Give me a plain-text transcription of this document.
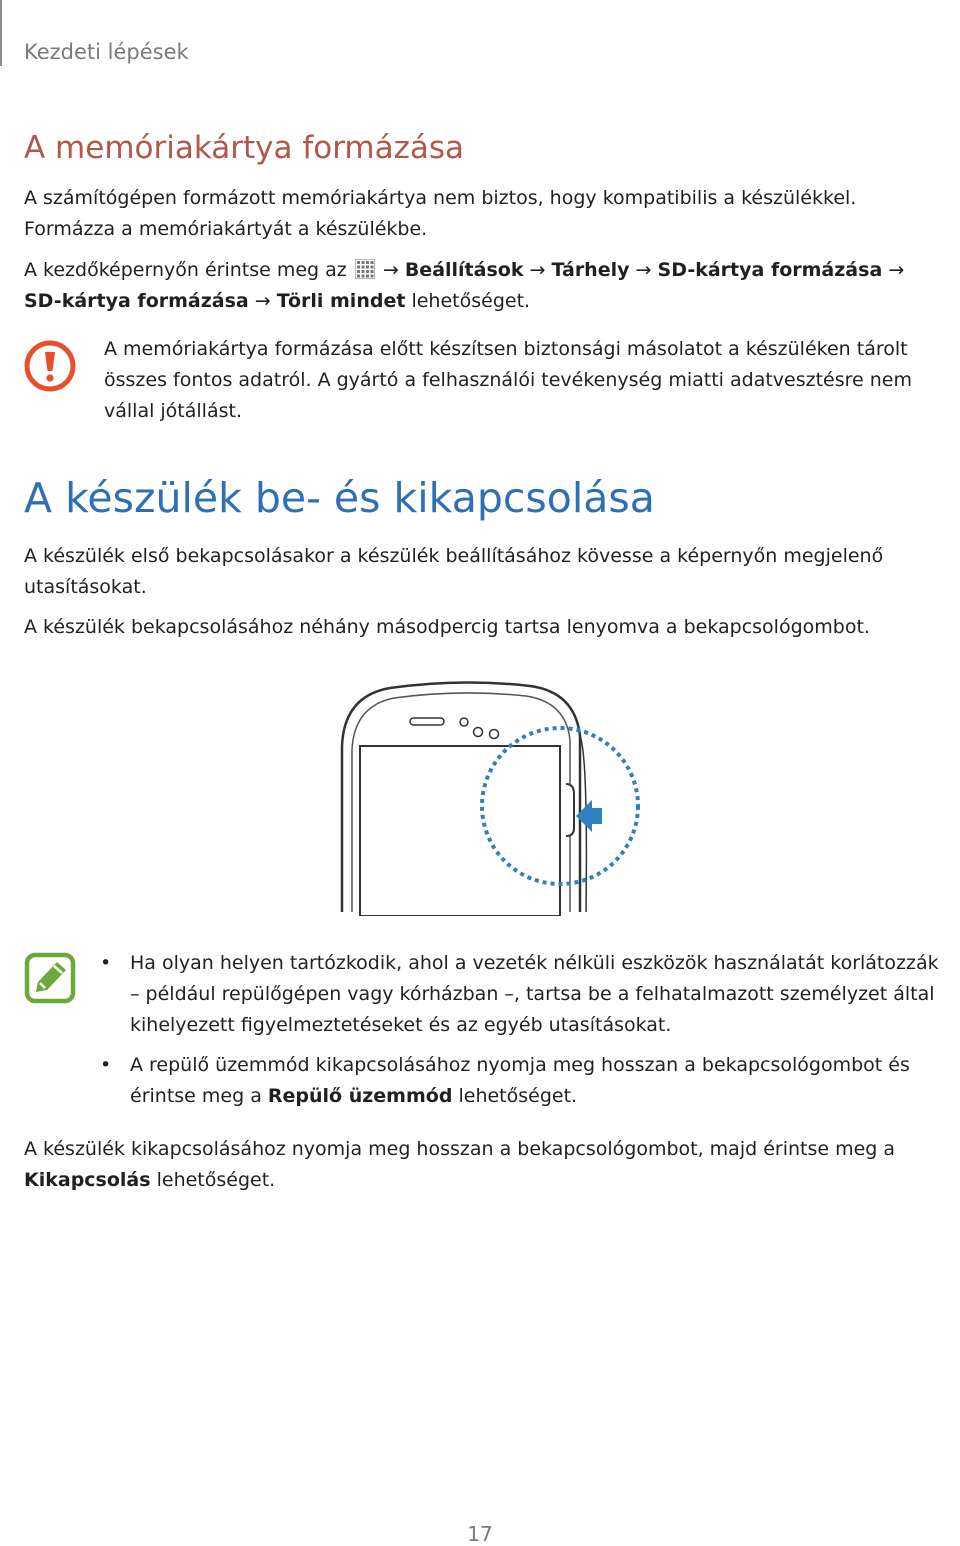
Kezdeti lépések
A memóriakártya formázása

A számítógépen formázott memóriakártya nem biztos, hogy kompatibilis a készülékkel. Formázza a memóriakártyát a készülékbe.

A kezdőképernyőn érintse meg az → Beállítások → Tárhely → SD-kártya formázása → SD-kártya formázása → Törli mindet lehetőséget.

A memóriakártya formázása előtt készítsen biztonsági másolatot a készüléken tárolt összes fontos adatról. A gyártó a felhasználói tevékenység miatti adatvesztésre nem vállal jótállást.

A készülék be- és kikapcsolása

A készülék első bekapcsolásakor a készülék beállításához kövesse a képernyőn megjelenő utasításokat.

A készülék bekapcsolásához néhány másodpercig tartsa lenyomva a bekapcsológombot.

• Ha olyan helyen tartózkodik, ahol a vezeték nélküli eszközök használatát korlátozzák – például repülőgépen vagy kórházban –, tartsa be a felhatalmazott személyzet által kihelyezett figyelmeztetéseket és az egyéb utasításokat.
• A repülő üzemmód kikapcsolásához nyomja meg hosszan a bekapcsológombot és érintse meg a Repülő üzemmód lehetőséget.

A készülék kikapcsolásához nyomja meg hosszan a bekapcsológombot, majd érintse meg a Kikapcsolás lehetőséget.

17
